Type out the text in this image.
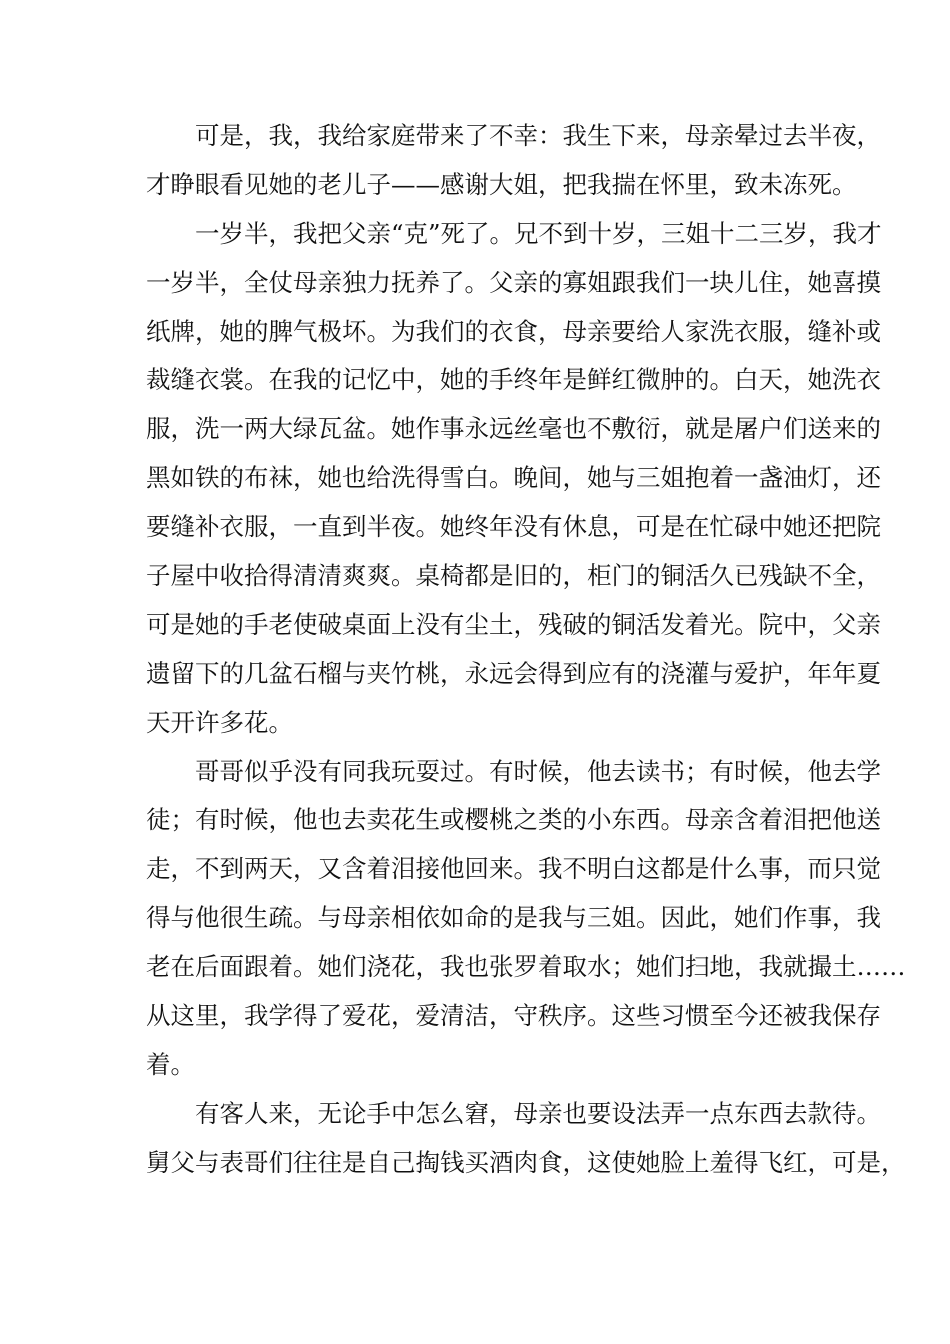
可是，我，我给家庭带来了不幸：我生下来，母亲晕过去半夜，
才睁眼看见她的老儿子——感谢大姐，把我揣在怀里，致未冻死。
一岁半，我把父亲“克”死了。兄不到十岁，三姐十二三岁，我才
一岁半，全仗母亲独力抚养了。父亲的寡姐跟我们一块儿住，她喜摸
纸牌，她的脾气极坏。为我们的衣食，母亲要给人家洗衣服，缝补或
裁缝衣裳。在我的记忆中，她的手终年是鲜红微肿的。白天，她洗衣
服，洗一两大绿瓦盆。她作事永远丝毫也不敷衍，就是屠户们送来的
黑如铁的布袜，她也给洗得雪白。晚间，她与三姐抱着一盏油灯，还
要缝补衣服，一直到半夜。她终年没有休息，可是在忙碌中她还把院
子屋中收拾得清清爽爽。桌椅都是旧的，柜门的铜活久已残缺不全，
可是她的手老使破桌面上没有尘土，残破的铜活发着光。院中，父亲
遗留下的几盆石榴与夹竹桃，永远会得到应有的浇灌与爱护，年年夏
天开许多花。
哥哥似乎没有同我玩耍过。有时候，他去读书；有时候，他去学
徒；有时候，他也去卖花生或樱桃之类的小东西。母亲含着泪把他送
走，不到两天，又含着泪接他回来。我不明白这都是什么事，而只觉
得与他很生疏。与母亲相依如命的是我与三姐。因此，她们作事，我
老在后面跟着。她们浇花，我也张罗着取水；她们扫地，我就撮土……
从这里，我学得了爱花，爱清洁，守秩序。这些习惯至今还被我保存
着。
有客人来，无论手中怎么窘，母亲也要设法弄一点东西去款待。
舅父与表哥们往往是自己掏钱买酒肉食，这使她脸上羞得飞红，可是，
